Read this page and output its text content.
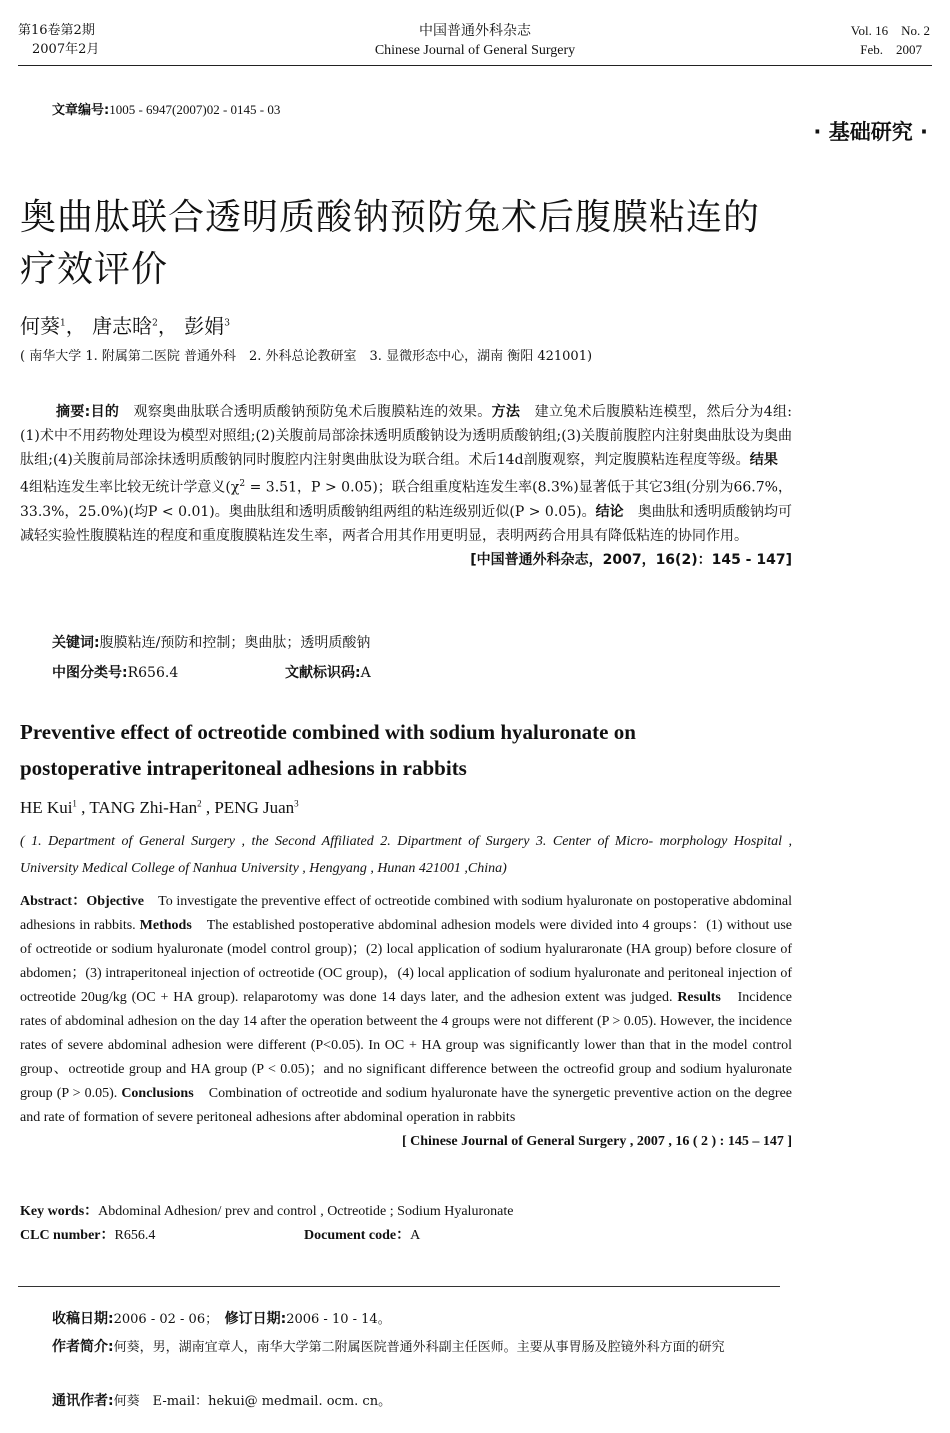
第16卷第2期
2007年2月
中国普通外科杂志
Chinese Journal of General Surgery
Vol. 16    No. 2
Feb.    2007
文章编号:1005 - 6947(2007)02 - 0145 - 03
· 基础研究 ·
奥曲肽联合透明质酸钠预防兔术后腹膜粘连的
疗效评价
何葵$^1$， 唐志晗$^2$， 彭娟$^3$
( 南华大学 1. 附属第二医院 普通外科　2. 外科总论教研室　3. 显微形态中心，湖南 衡阳 421001)
摘要:目的　观察奥曲肽联合透明质酸钠预防兔术后腹膜粘连的效果。方法　建立兔术后腹膜粘连模型，然后分为4组:(1)术中不用药物处理设为模型对照组;(2)关腹前局部涂抹透明质酸钠设为透明质酸钠组;(3)关腹前腹腔内注射奥曲肽设为奥曲肽组;(4)关腹前局部涂抹透明质酸钠同时腹腔内注射奥曲肽设为联合组。术后14d剖腹观察，判定腹膜粘连程度等级。结果　4组粘连发生率比较无统计学意义($\chi^2 = 3.51$，P > 0.05)；联合组重度粘连发生率(8.3%)显著低于其它3组(分别为66.7%，33.3%，25.0%)(均P < 0.01)。奥曲肽组和透明质酸钠组两组的粘连级别近似(P > 0.05)。结论　奥曲肽和透明质酸钠均可减轻实验性腹膜粘连的程度和重度腹膜粘连发生率，两者合用其作用更明显，表明两药合用具有降低粘连的协同作用。
[中国普通外科杂志，2007，16(2)：145 - 147]
关键词:腹膜粘连/预防和控制；奥曲肽；透明质酸钠
中图分类号:R656.4	文献标识码:A
Preventive effect of octreotide combined with sodium hyaluronate on
postoperative intraperitoneal adhesions in rabbits
HE Kui$^1$ , TANG Zhi-Han$^2$ , PENG Juan$^3$
( 1. Department of General Surgery , the Second Affiliated 2. Dipartment of Surgery 3. Center of Micro- morphology Hospital , University Medical College of Nanhua University , Hengyang , Hunan 421001 ,China)
Abstract：Objective　To investigate the preventive effect of octreotide combined with sodium hyaluronate on postoperative abdominal adhesions in rabbits. Methods　The established postoperative abdominal adhesion models were divided into 4 groups：(1) without use of octreotide or sodium hyaluronate (model control group)；(2) local application of sodium hyaluraronate (HA group) before closure of abdomen；(3) intraperitoneal injection of octreotide (OC group)，(4) local application of sodium hyaluronate and peritoneal injection of octreotide 20ug/kg (OC + HA group). relaparotomy was done 14 days later, and the adhesion extent was judged. Results　Incidence rates of abdominal adhesion on the day 14 after the operation betweent the 4 groups were not different (P > 0.05). However, the incidence rates of severe abdominal adhesion were different (P<0.05). In OC + HA group was significantly lower than that in the model control group、octreotide group and HA group (P < 0.05)；and no significant difference between the octreofid group and sodium hyaluronate group (P > 0.05). Conclusions　Combination of octreotide and sodium hyaluronate have the synergetic preventive action on the degree and rate of formation of severe peritoneal adhesions after abdominal operation in rabbits
[ Chinese Journal of General Surgery , 2007 , 16 ( 2 ) : 145 – 147 ]
Key words：Abdominal Adhesion/ prev and control , Octreotide ; Sodium Hyaluronate
CLC number：R656.4	Document code：A
收稿日期:2006 - 02 - 06；　 修订日期:2006 - 10 - 14。
作者简介:何葵，男，湖南宜章人，南华大学第二附属医院普通外科副主任医师。主要从事胃肠及腔镜外科方面的研究
通讯作者:何葵　E-mail：hekui@ medmail. ocm. cn。
